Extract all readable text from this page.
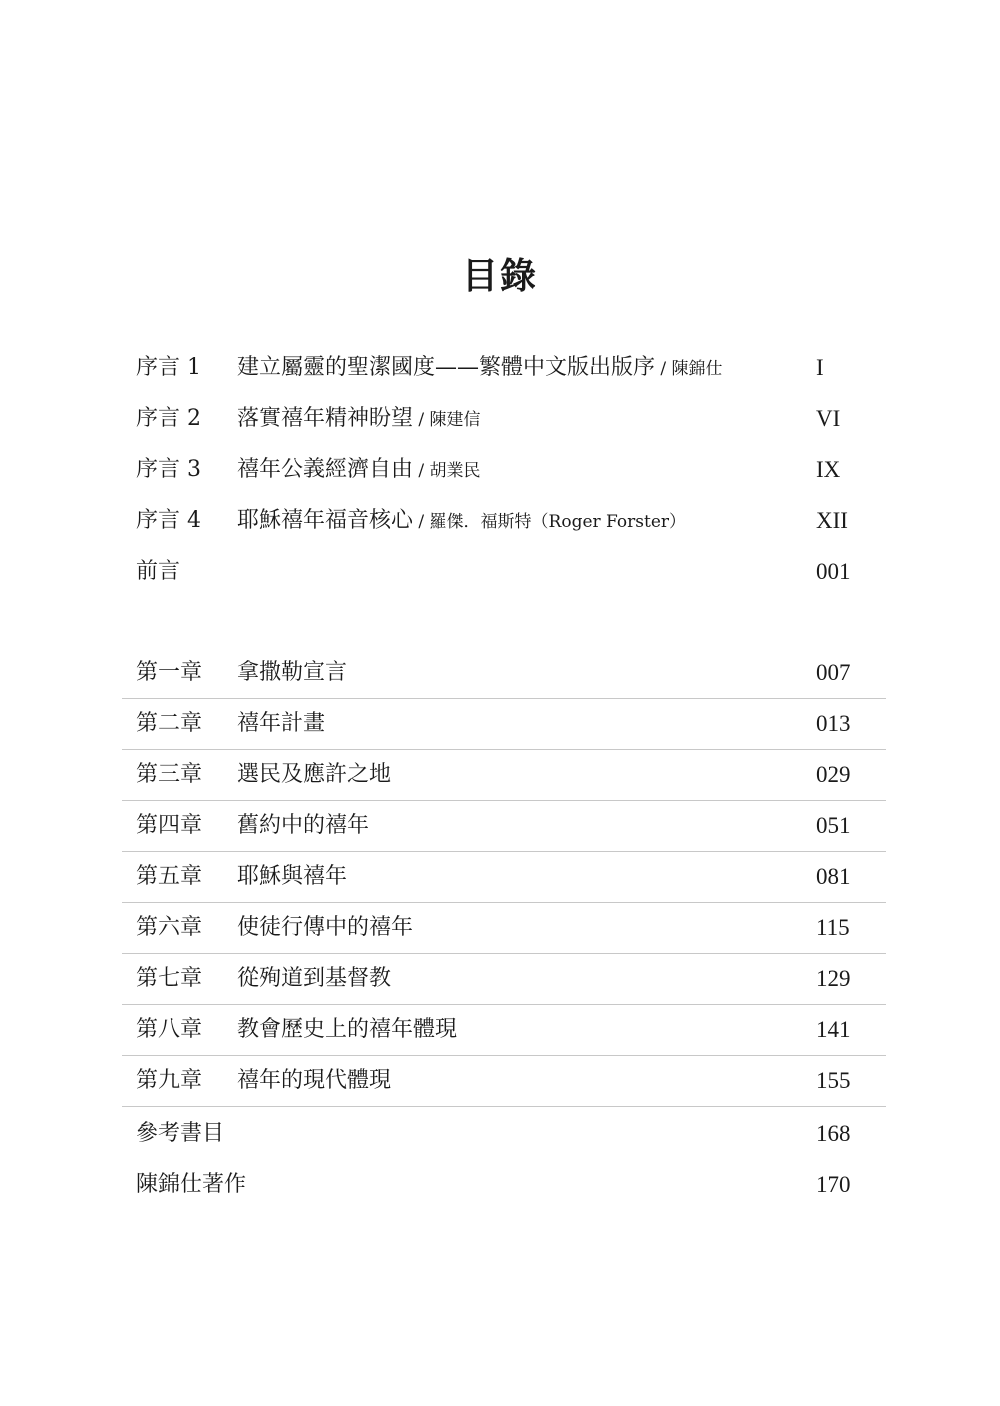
目錄
序言 1 建立屬靈的聖潔國度——繁體中文版出版序 / 陳錦仕	I
序言 2 落實禧年精神盼望 / 陳建信	VI
序言 3 禧年公義經濟自由 / 胡業民	IX
序言 4 耶穌禧年福音核心 / 羅傑．福斯特（Roger Forster）	XII
前言	001
第一章 拿撒勒宣言	007
第二章 禧年計畫	013
第三章 選民及應許之地	029
第四章 舊約中的禧年	051
第五章 耶穌與禧年	081
第六章 使徒行傳中的禧年	115
第七章 從殉道到基督教	129
第八章 教會歷史上的禧年體現	141
第九章 禧年的現代體現	155
參考書目	168
陳錦仕著作	170
